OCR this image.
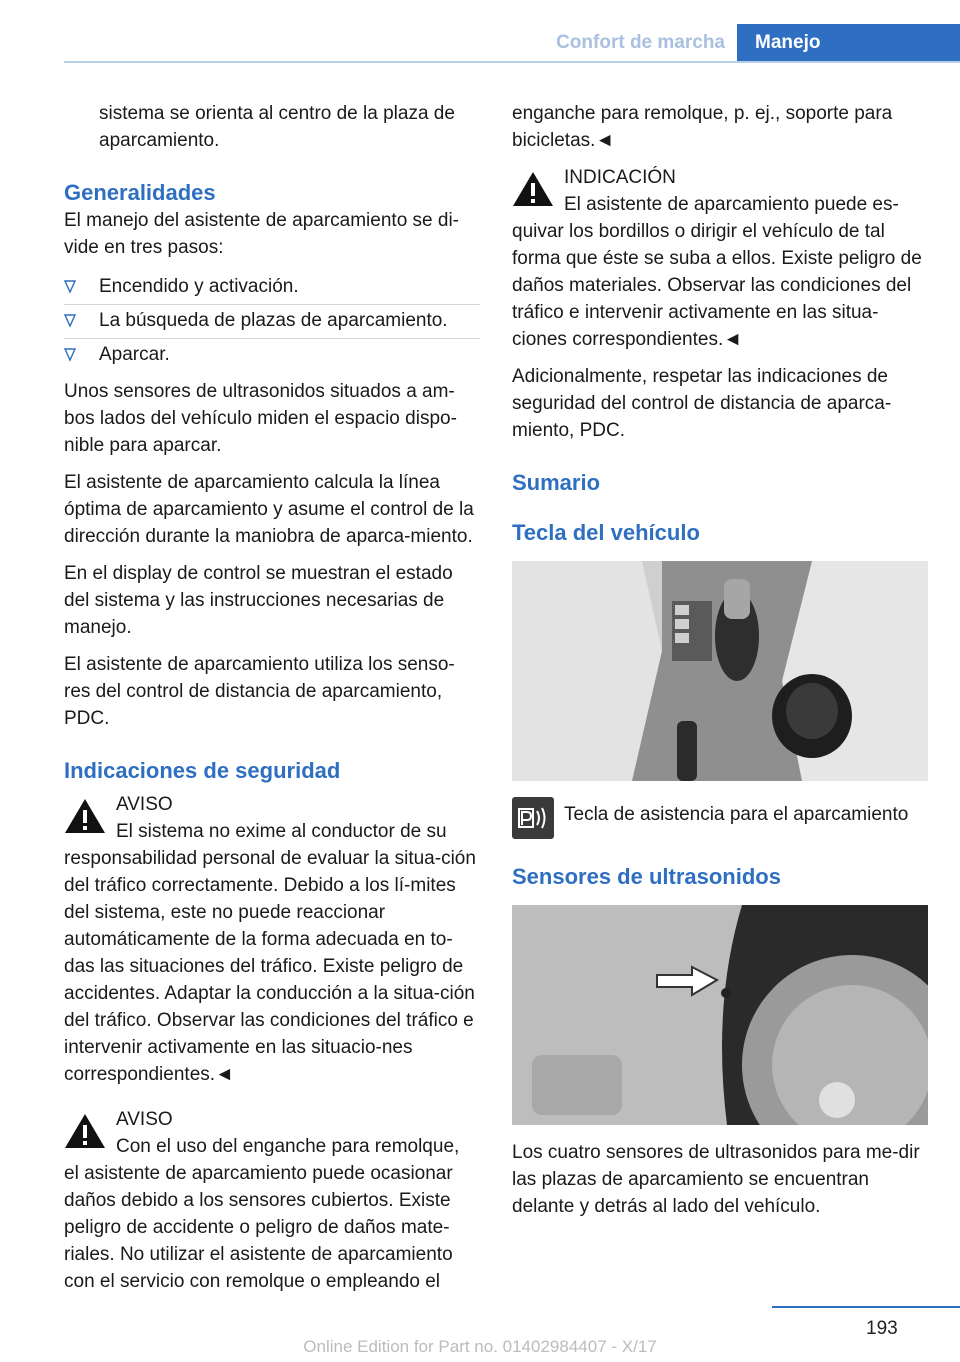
Confort de marcha	Manejo

sistema se orienta al centro de la plaza de aparcamiento.

Generalidades

El manejo del asistente de aparcamiento se di‐vide en tres pasos:

Encendido y activación.
La búsqueda de plazas de aparcamiento.
Aparcar.

Unos sensores de ultrasonidos situados a am‐bos lados del vehículo miden el espacio dispo‐nible para aparcar.

El asistente de aparcamiento calcula la línea óptima de aparcamiento y asume el control de la dirección durante la maniobra de aparca‐miento.

En el display de control se muestran el estado del sistema y las instrucciones necesarias de manejo.

El asistente de aparcamiento utiliza los senso‐res del control de distancia de aparcamiento, PDC.

Indicaciones de seguridad
AVISO
El sistema no exime al conductor de su
responsabilidad personal de evaluar la situa‐ción del tráfico correctamente. Debido a los lí‐mites del sistema, este no puede reaccionar automáticamente de la forma adecuada en to‐das las situaciones del tráfico. Existe peligro de accidentes. Adaptar la conducción a la situa‐ción del tráfico. Observar las condiciones del tráfico e intervenir activamente en las situacio‐nes correspondientes.◄
AVISO
Con el uso del enganche para remolque,
el asistente de aparcamiento puede ocasionar daños debido a los sensores cubiertos. Existe peligro de accidente o peligro de daños mate‐riales. No utilizar el asistente de aparcamiento con el servicio con remolque o empleando el

enganche para remolque, p. ej., soporte para bicicletas.◄

INDICACIÓN
El asistente de aparcamiento puede es‐
quivar los bordillos o dirigir el vehículo de tal forma que éste se suba a ellos. Existe peligro de daños materiales. Observar las condiciones del tráfico e intervenir activamente en las situa‐ciones correspondientes.◄

Adicionalmente, respetar las indicaciones de seguridad del control de distancia de aparca‐miento, PDC.

Sumario
Tecla del vehículo
Tecla de asistencia para el aparcamiento
Sensores de ultrasonidos

Los cuatro sensores de ultrasonidos para me‐dir las plazas de aparcamiento se encuentran delante y detrás al lado del vehículo.

193
Online Edition for Part no. 01402984407 - X/17
